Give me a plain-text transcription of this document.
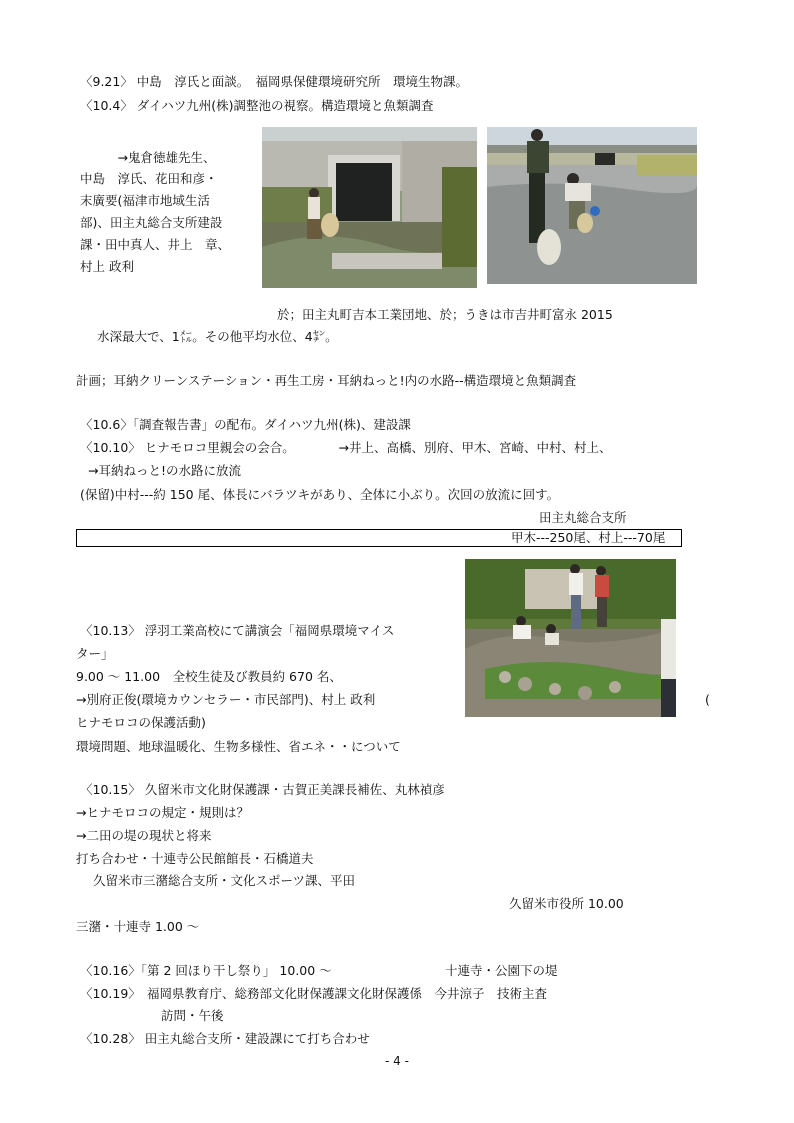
〈9.21〉 中島　淳氏と面談。　福岡県保健環境研究所　環境生物課。
〈10.4〉 ダイハツ九州(株)調整池の視察。構造環境と魚類調査
　　　→鬼倉徳雄先生、
中島　淳氏、花田和彦・
末廣要(福津市地域生活
部)、田主丸総合支所建設
課・田中真人、井上　章、
村上 政利
於；田主丸町吉本工業団地、於；うきは市吉井町富永 2015
水深最大で、1㍍。その他平均水位、4㌢。
計画；耳納クリーンステーション・再生工房・耳納ねっと!内の水路--構造環境と魚類調査
〈10.6〉「調査報告書」の配布。ダイハツ九州(株)、建設課
〈10.10〉 ヒナモロコ里親会の会合。　　　　→井上、高橋、別府、甲木、宮崎、中村、村上、
→耳納ねっと!の水路に放流
(保留)中村---約 150 尾、体長にバラツキがあり、全体に小ぶり。次回の放流に回す。
田主丸総合支所
甲木---250尾、村上---70尾
〈10.13〉 浮羽工業高校にて講演会「福岡県環境マイス
ター」
9.00 ～ 11.00　全校生徒及び教員約 670 名、
→別府正俊(環境カウンセラー・市民部門)、村上 政利	(
ヒナモロコの保護活動)
環境問題、地球温暖化、生物多様性、省エネ・・について
〈10.15〉 久留米市文化財保護課・古賀正美課長補佐、丸林禎彦
→ヒナモロコの規定・規則は？
→二田の堤の現状と将来
打ち合わせ・十連寺公民館館長・石橋道夫
久留米市三潴総合支所・文化スポーツ課、平田
久留米市役所 10.00
三潴・十連寺 1.00 ～
〈10.16〉「第 2 回ほり干し祭り」 10.00 ～	十連寺・公園下の堤
〈10.19〉　福岡県教育庁、総務部文化財保護課文化財保護係　今井涼子　技術主査
訪問・午後
〈10.28〉 田主丸総合支所・建設課にて打ち合わせ
- 4 -
